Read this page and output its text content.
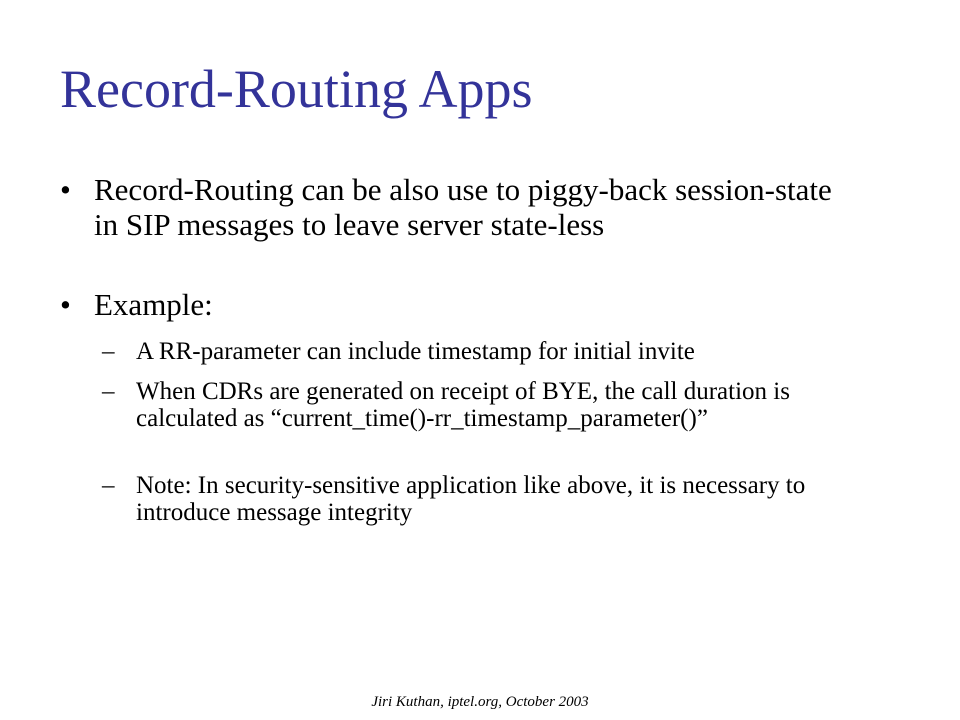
Record-Routing Apps
• Record-Routing can be also use to piggy-back session-state in SIP messages to leave server state-less
• Example:
– A RR-parameter can include timestamp for initial invite
– When CDRs are generated on receipt of BYE, the call duration is calculated as “current_time()-rr_timestamp_parameter()”
– Note: In security-sensitive application like above, it is necessary to introduce message integrity
Jiri Kuthan, iptel.org, October 2003
